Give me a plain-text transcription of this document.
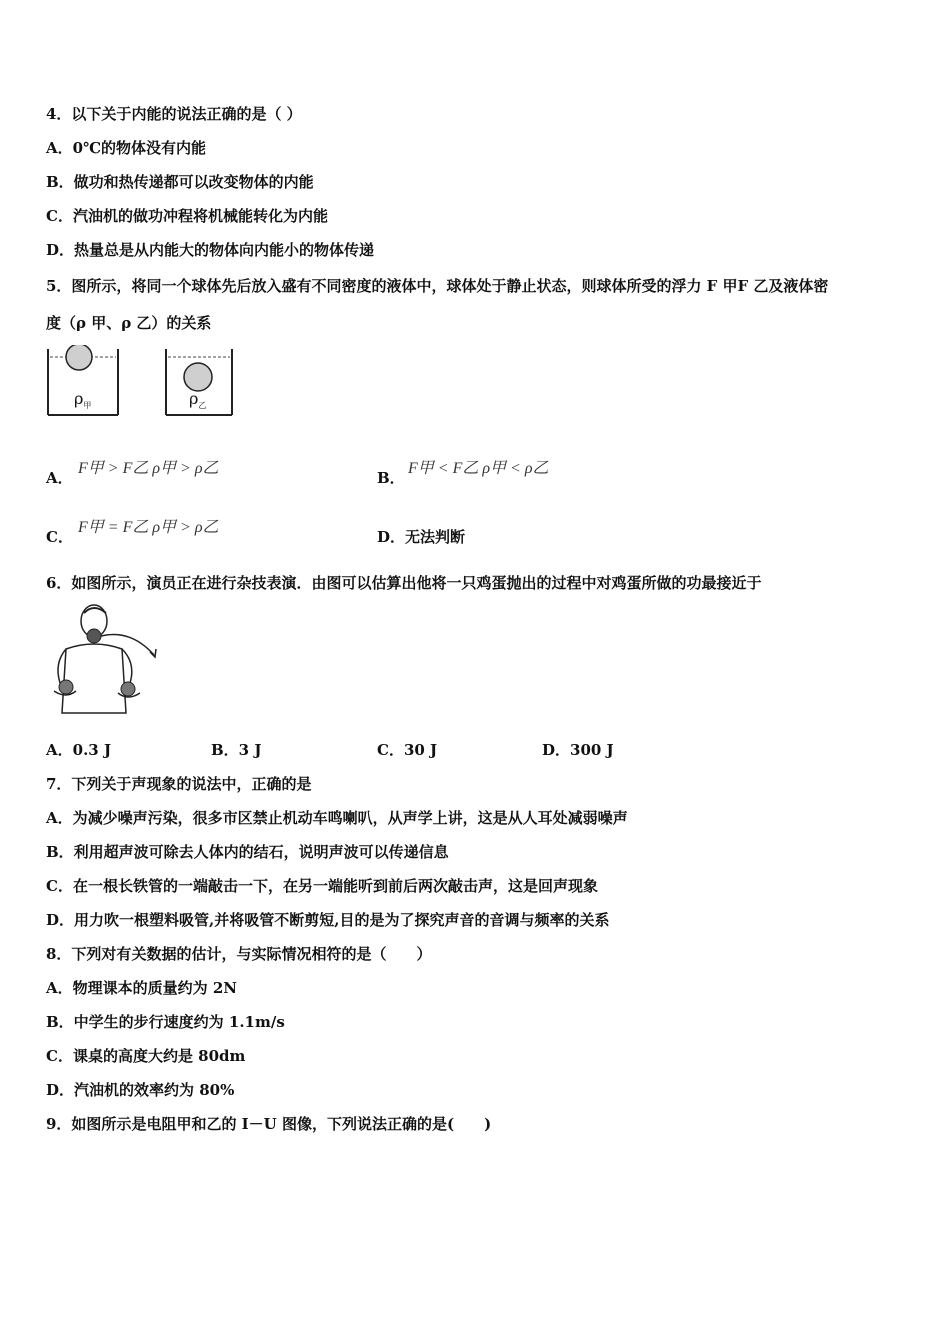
4．以下关于内能的说法正确的是（ ）
A．0℃的物体没有内能
B．做功和热传递都可以改变物体的内能
C．汽油机的做功冲程将机械能转化为内能
D．热量总是从内能大的物体向内能小的物体传递
5．图所示，将同一个球体先后放入盛有不同密度的液体中，球体处于静止状态，则球体所受的浮力 F 甲F 乙及液体密
度（ρ 甲、ρ 乙）的关系
$\rho_甲$	$\rho_乙$
A．
F甲 > F乙 ρ甲 > ρ乙
B．
F甲 < F乙 ρ甲 < ρ乙
C．
F甲 = F乙 ρ甲 > ρ乙
D．无法判断
6．如图所示，演员正在进行杂技表演．由图可以估算出他将一只鸡蛋抛出的过程中对鸡蛋所做的功最接近于
A．0.3 J	B．3 J	C．30 J	D．300 J
7．下列关于声现象的说法中，正确的是
A．为减少噪声污染，很多市区禁止机动车鸣喇叭，从声学上讲，这是从人耳处减弱噪声
B．利用超声波可除去人体内的结石，说明声波可以传递信息
C．在一根长铁管的一端敲击一下，在另一端能听到前后两次敲击声，这是回声现象
D．用力吹一根塑料吸管,并将吸管不断剪短,目的是为了探究声音的音调与频率的关系
8．下列对有关数据的估计，与实际情况相符的是（　　）
A．物理课本的质量约为 2N
B．中学生的步行速度约为 1.1m/s
C．课桌的高度大约是 80dm
D．汽油机的效率约为 80%
9．如图所示是电阻甲和乙的 I－U 图像，下列说法正确的是(　　)
